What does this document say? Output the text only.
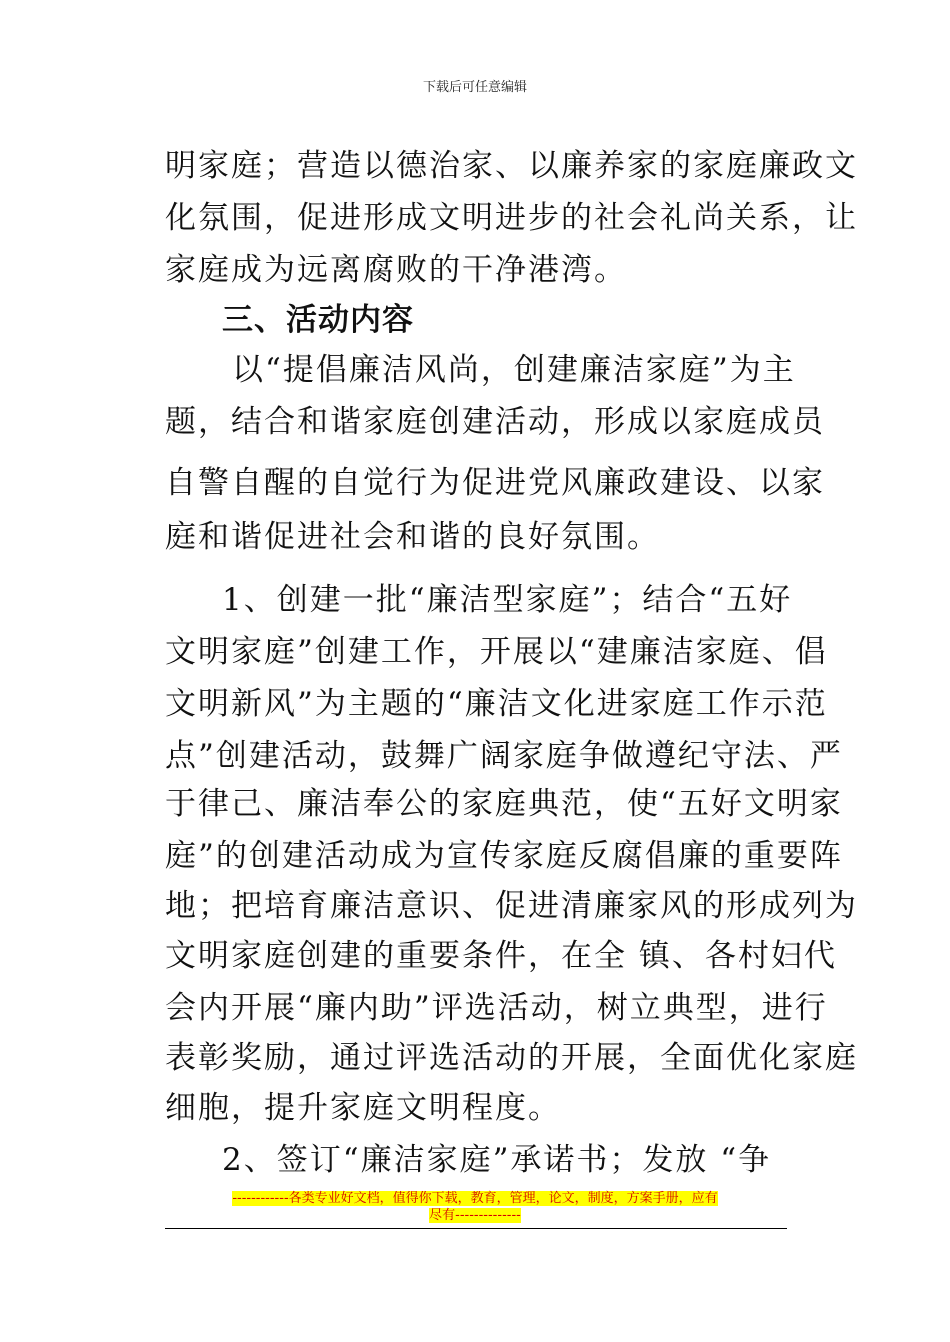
下载后可任意编辑
明家庭；营造以德治家、以廉养家的家庭廉政文
化氛围，促进形成文明进步的社会礼尚关系，让
家庭成为远离腐败的干净港湾。
三、活动内容
以“提倡廉洁风尚，创建廉洁家庭”为主
题，结合和谐家庭创建活动，形成以家庭成员
自警自醒的自觉行为促进党风廉政建设、以家
庭和谐促进社会和谐的良好氛围。
1、创建一批“廉洁型家庭”；结合“五好
文明家庭”创建工作，开展以“建廉洁家庭、倡
文明新风”为主题的“廉洁文化进家庭工作示范
点”创建活动，鼓舞广阔家庭争做遵纪守法、严
于律己、廉洁奉公的家庭典范，使“五好文明家
庭”的创建活动成为宣传家庭反腐倡廉的重要阵
地；把培育廉洁意识、促进清廉家风的形成列为
文明家庭创建的重要条件，在全 镇、各村妇代
会内开展“廉内助”评选活动，树立典型，进行
表彰奖励，通过评选活动的开展，全面优化家庭
细胞，提升家庭文明程度。
2、签订“廉洁家庭”承诺书；发放 “争
------------各类专业好文档，值得你下载，教育，管理，论文，制度，方案手册，应有
尽有--------------
